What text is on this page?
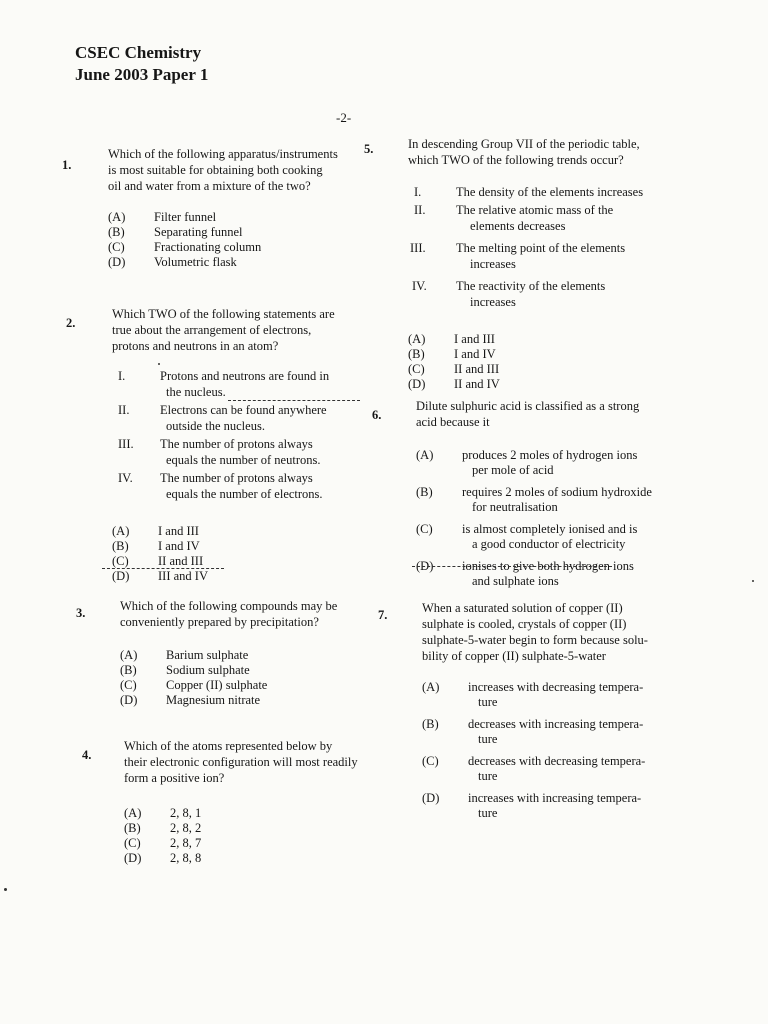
CSEC Chemistry
June 2003 Paper 1
-2-
1.
Which of the following apparatus/instruments
is most suitable for obtaining both cooking
oil and water from a mixture of the two?
(A)	Filter funnel
(B)	Separating funnel
(C)	Fractionating column
(D)	Volumetric flask
2.
Which TWO of the following statements are
true about the arrangement of electrons,
protons and neutrons in an atom?
I.	Protons and neutrons are found in
the nucleus.
II.	Electrons can be found anywhere
outside the nucleus.
III.	The number of protons always
equals the number of neutrons.
IV.	The number of protons always
equals the number of electrons.
(A)	I and III
(B)	I and IV
(C)	II and III
(D)	III and IV
3.	Which of the following compounds may be
conveniently prepared by precipitation?
(A)	Barium sulphate
(B)	Sodium sulphate
(C)	Copper (II) sulphate
(D)	Magnesium nitrate
4.
Which of the atoms represented below by
their electronic configuration will most readily
form a positive ion?
(A)	2, 8, 1
(B)	2, 8, 2
(C)	2, 8, 7
(D)	2, 8, 8
5.	In descending Group VII of the periodic table,
which TWO of the following trends occur?
I.	The density of the elements increases
II.	The relative atomic mass of the
elements decreases
III.	The melting point of the elements
increases
IV.	The reactivity of the elements
increases
(A)	I and III
(B)	I and IV
(C)	II and III
(D)	II and IV
6.
Dilute sulphuric acid is classified as a strong
acid because it
(A)	produces 2 moles of hydrogen ions
per mole of acid
(B)	requires 2 moles of sodium hydroxide
for neutralisation
(C)	is almost completely ionised and is
a good conductor of electricity
(D)	ionises to give both hydrogen ions
and sulphate ions
7.	When a saturated solution of copper (II)
sulphate is cooled, crystals of copper (II)
sulphate-5-water begin to form because solu-
bility of copper (II) sulphate-5-water
(A)	increases with decreasing tempera-
ture
(B)	decreases with increasing tempera-
ture
(C)	decreases with decreasing tempera-
ture
(D)	increases with increasing tempera-
ture
